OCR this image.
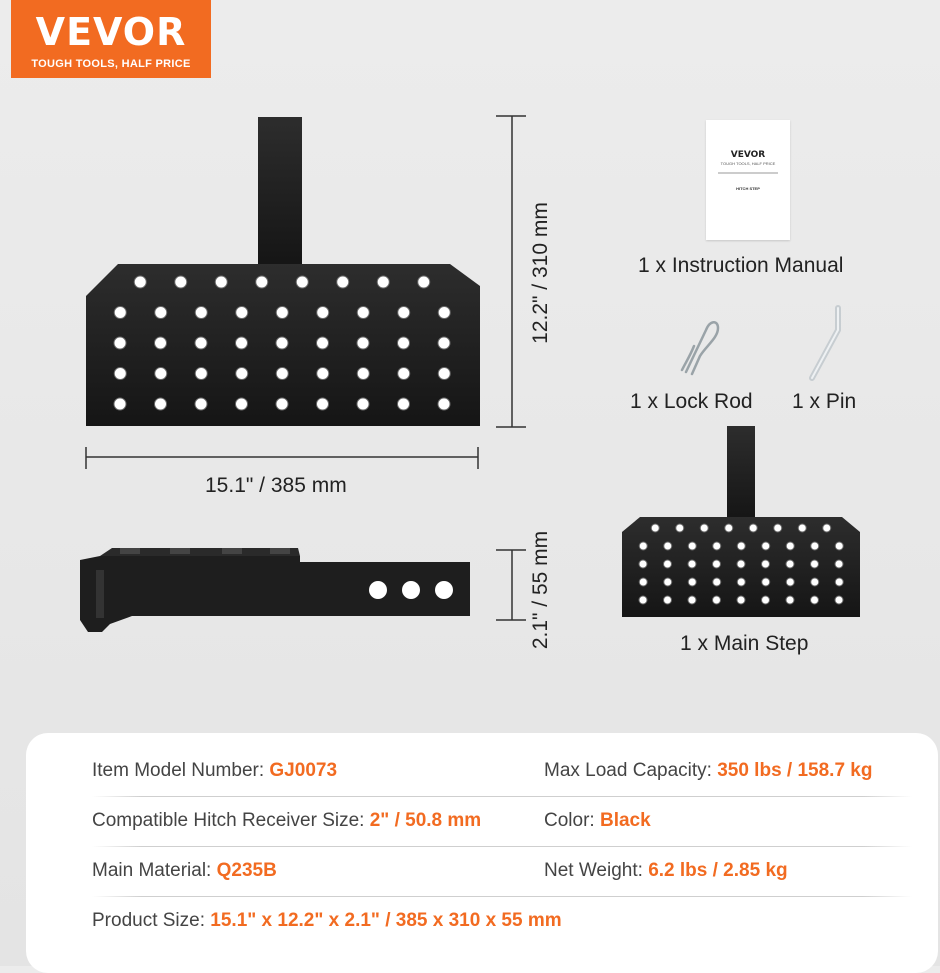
VEVOR
TOUGH TOOLS, HALF PRICE
15.1" / 385 mm
12.2" / 310 mm
2.1" / 55 mm
VEVOR
TOUGH TOOLS, HALF PRICE
HITCH STEP
1 x Instruction Manual
1 x Lock Rod 1 x Pin
1 x Main Step
Item Model Number: GJ0073	Max Load Capacity: 350 lbs / 158.7 kg
Compatible Hitch Receiver Size: 2" / 50.8 mm	Color: Black
Main Material: Q235B	Net Weight: 6.2 lbs / 2.85 kg
Product Size: 15.1" x 12.2" x 2.1" / 385 x 310 x 55 mm
